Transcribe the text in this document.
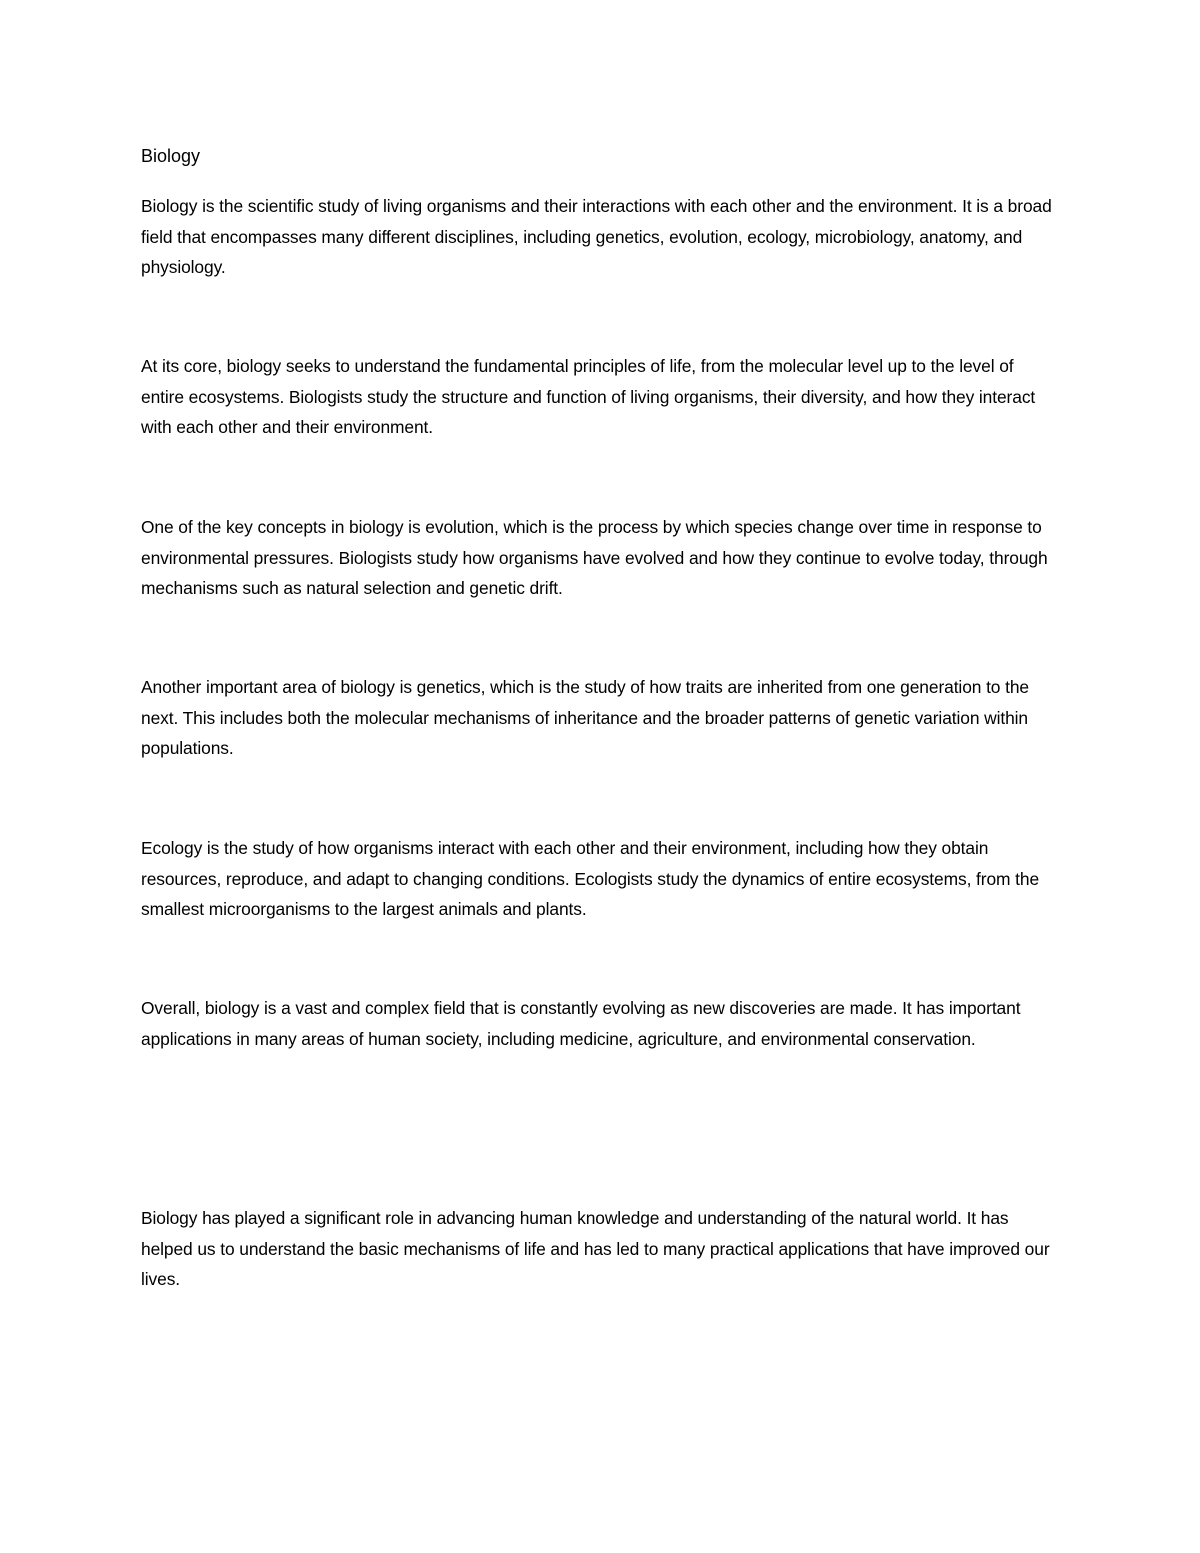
Biology

Biology is the scientific study of living organisms and their interactions with each other and the environment. It is a broad field that encompasses many different disciplines, including genetics, evolution, ecology, microbiology, anatomy, and physiology.

At its core, biology seeks to understand the fundamental principles of life, from the molecular level up to the level of entire ecosystems. Biologists study the structure and function of living organisms, their diversity, and how they interact with each other and their environment.

One of the key concepts in biology is evolution, which is the process by which species change over time in response to environmental pressures. Biologists study how organisms have evolved and how they continue to evolve today, through mechanisms such as natural selection and genetic drift.

Another important area of biology is genetics, which is the study of how traits are inherited from one generation to the next. This includes both the molecular mechanisms of inheritance and the broader patterns of genetic variation within populations.

Ecology is the study of how organisms interact with each other and their environment, including how they obtain resources, reproduce, and adapt to changing conditions. Ecologists study the dynamics of entire ecosystems, from the smallest microorganisms to the largest animals and plants.

Overall, biology is a vast and complex field that is constantly evolving as new discoveries are made. It has important applications in many areas of human society, including medicine, agriculture, and environmental conservation.

Biology has played a significant role in advancing human knowledge and understanding of the natural world. It has helped us to understand the basic mechanisms of life and has led to many practical applications that have improved our lives.
